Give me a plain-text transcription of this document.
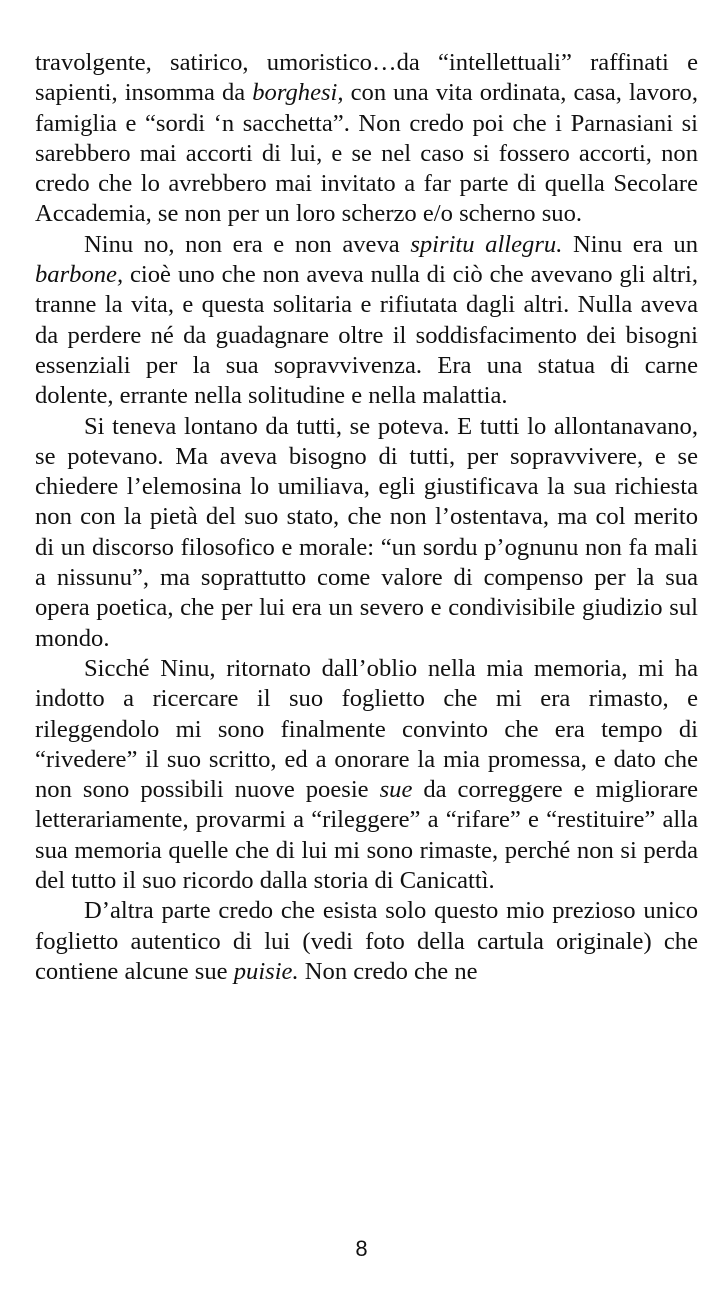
travolgente, satirico, umoristico…da “intellettuali” raffinati e sapienti, insomma da borghesi, con una vita ordinata, casa, lavoro, famiglia e “sordi ‘n sacchetta”. Non credo poi che i Parnasiani si sarebbero mai accorti di lui, e se nel caso si fossero accorti, non credo che lo avrebbero mai invitato a far parte di quella Secolare Accademia, se non per un loro scherzo e/o scherno suo.

Ninu no, non era e non aveva spiritu allegru. Ninu era un barbone, cioè uno che non aveva nulla di ciò che avevano gli altri, tranne la vita, e questa solitaria e rifiutata dagli altri. Nulla aveva da perdere né da guadagnare oltre il soddisfacimento dei bisogni essenziali per la sua sopravvivenza. Era una statua di carne dolente, errante nella solitudine e nella malattia.

Si teneva lontano da tutti, se poteva. E tutti lo allontanavano, se potevano. Ma aveva bisogno di tutti, per sopravvivere, e se chiedere l’elemosina lo umiliava, egli giustificava la sua richiesta non con la pietà del suo stato, che non l’ostentava, ma col merito di un discorso filosofico e morale: “un sordu p’ognunu non fa mali a nissunu”, ma soprattutto come valore di compenso per la sua opera poetica, che per lui era un severo e condivisibile giudizio sul mondo.

Sicché Ninu, ritornato dall’oblio nella mia memoria, mi ha indotto a ricercare il suo foglietto che mi era rimasto, e rileggendolo mi sono finalmente convinto che era tempo di “rivedere” il suo scritto, ed a onorare la mia promessa, e dato che non sono possibili nuove poesie sue da correggere e migliorare letterariamente, provarmi a “rileggere” a “rifare” e “restituire” alla sua memoria quelle che di lui mi sono rimaste, perché non si perda del tutto il suo ricordo dalla storia di Canicattì.

D’altra parte credo che esista solo questo mio prezioso unico foglietto autentico di lui (vedi foto della cartula originale) che contiene alcune sue puisie. Non credo che ne

8
